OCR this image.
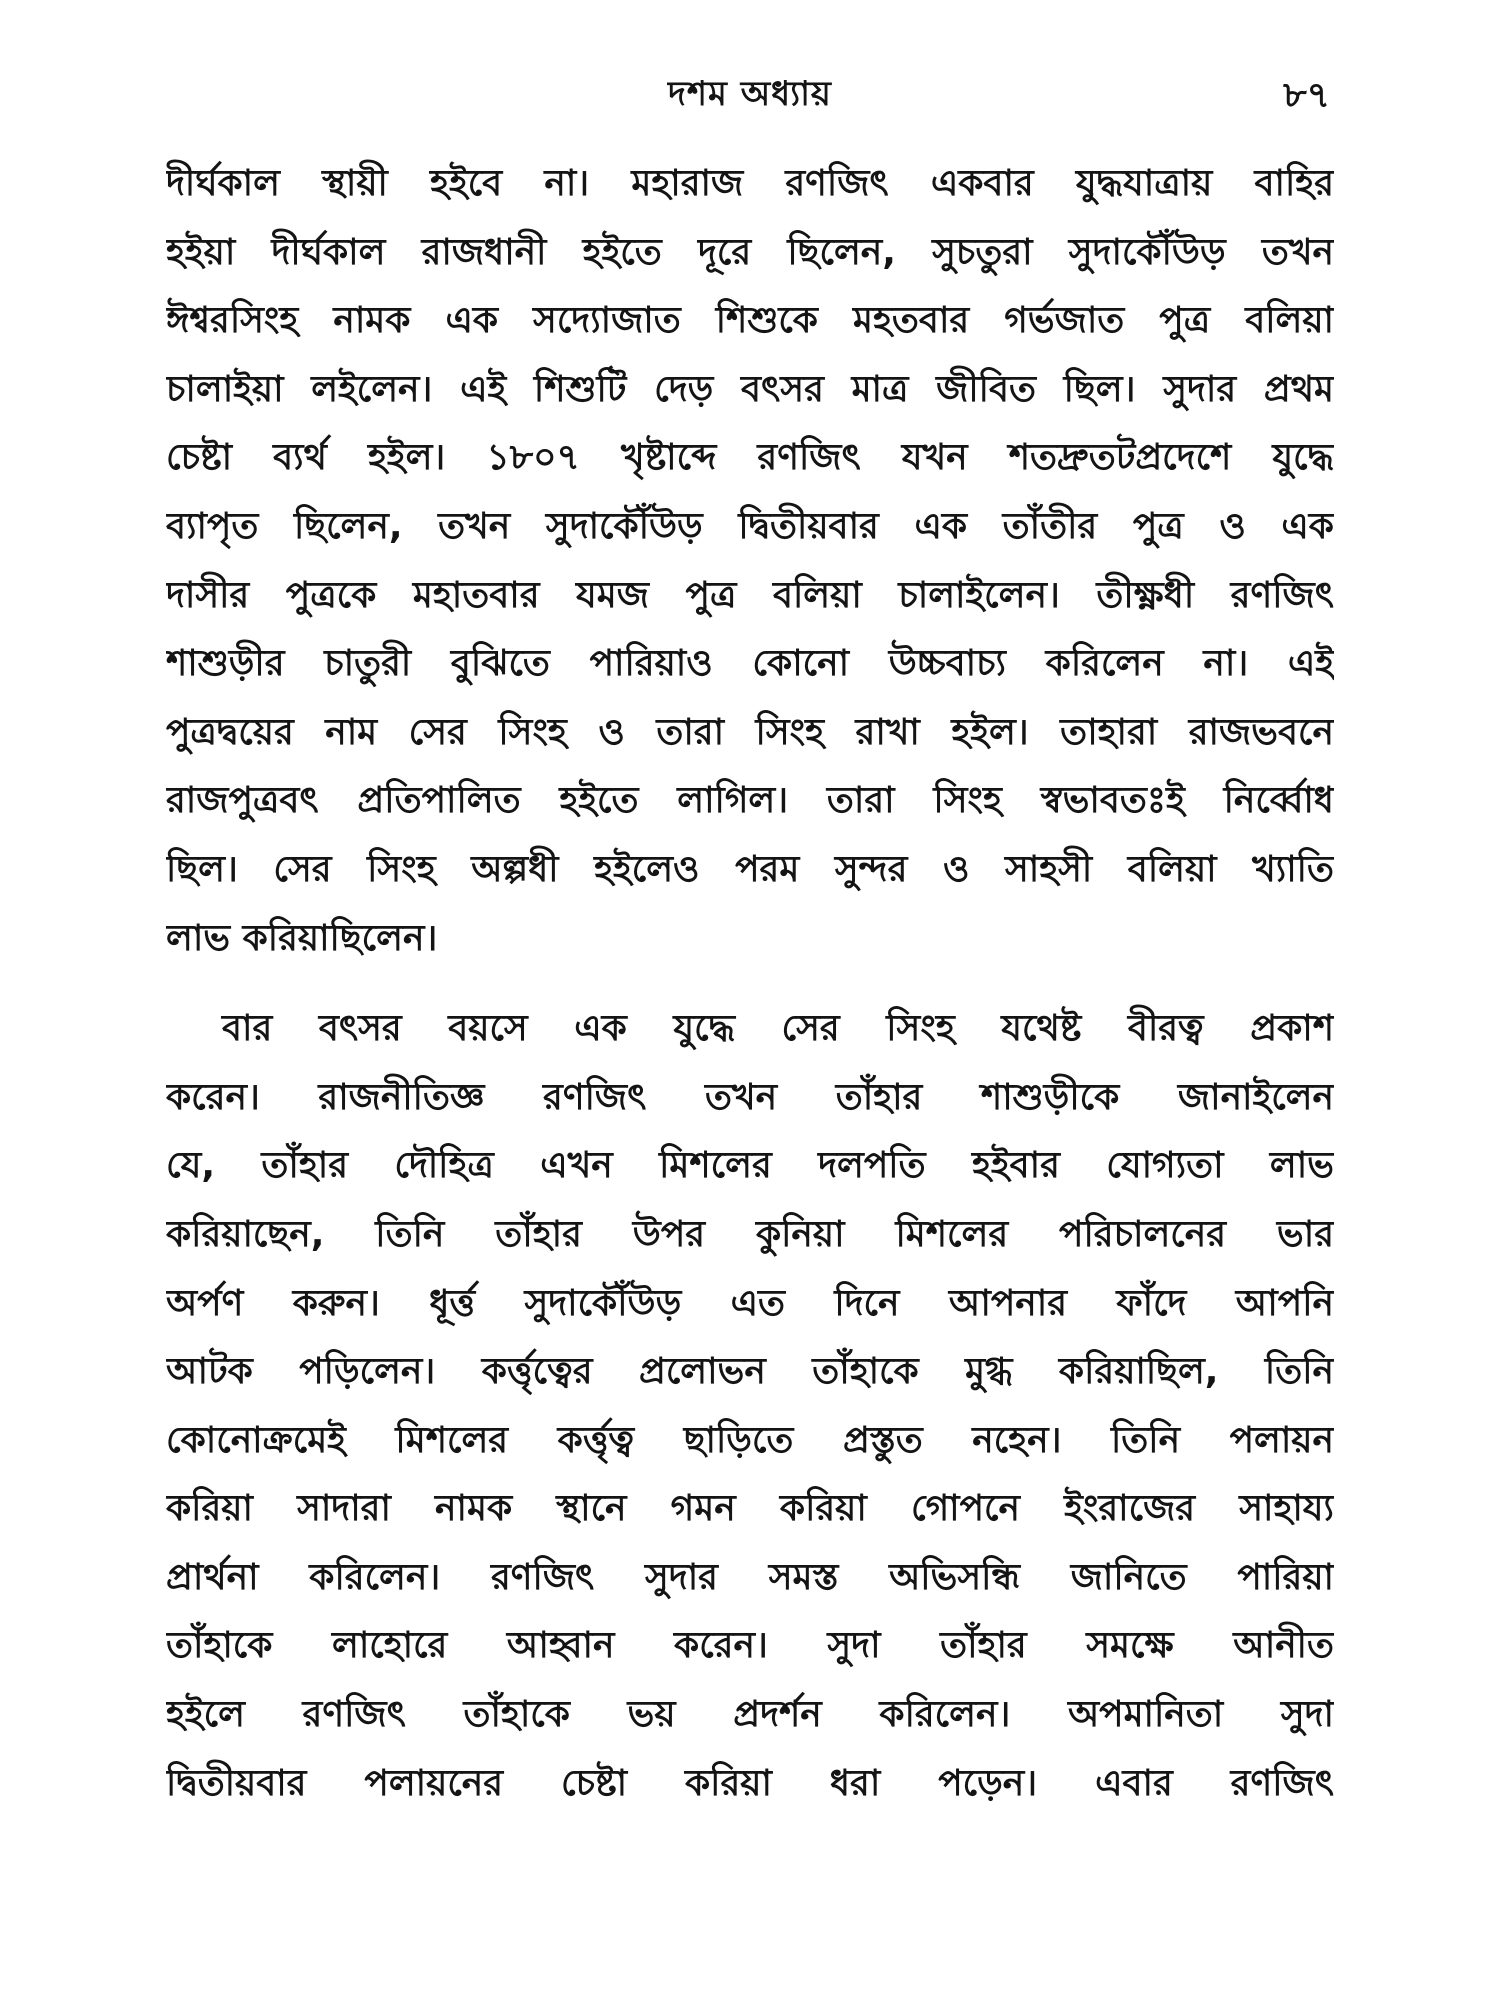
দশম অধ্যায়	৮৭
দীর্ঘকাল স্থায়ী হইবে না। মহারাজ রণজিৎ একবার যুদ্ধযাত্রায় বাহির
হইয়া দীর্ঘকাল রাজধানী হইতে দূরে ছিলেন, সুচতুরা সুদাকৌঁউড় তখন
ঈশ্বরসিংহ নামক এক সদ্যোজাত শিশুকে মহতবার গর্ভজাত পুত্র বলিয়া
চালাইয়া লইলেন। এই শিশুটি দেড় বৎসর মাত্র জীবিত ছিল। সুদার প্রথম
চেষ্টা ব্যর্থ হইল। ১৮০৭ খৃষ্টাব্দে রণজিৎ যখন শতদ্রুতটপ্রদেশে যুদ্ধে
ব্যাপৃত ছিলেন, তখন সুদাকৌঁউড় দ্বিতীয়বার এক তাঁতীর পুত্র ও এক
দাসীর পুত্রকে মহাতবার যমজ পুত্র বলিয়া চালাইলেন। তীক্ষ্ণধী রণজিৎ
শাশুড়ীর চাতুরী বুঝিতে পারিয়াও কোনো উচ্চবাচ্য করিলেন না। এই
পুত্রদ্বয়ের নাম সের সিংহ ও তারা সিংহ রাখা হইল। তাহারা রাজভবনে
রাজপুত্রবৎ প্রতিপালিত হইতে লাগিল। তারা সিংহ স্বভাবতঃই নির্ব্বোধ
ছিল। সের সিংহ অল্পধী হইলেও পরম সুন্দর ও সাহসী বলিয়া খ্যাতি
লাভ করিয়াছিলেন।
বার বৎসর বয়সে এক যুদ্ধে সের সিংহ যথেষ্ট বীরত্ব প্রকাশ
করেন। রাজনীতিজ্ঞ রণজিৎ তখন তাঁহার শাশুড়ীকে জানাইলেন
যে, তাঁহার দৌহিত্র এখন মিশলের দলপতি হইবার যোগ্যতা লাভ
করিয়াছেন, তিনি তাঁহার উপর কুনিয়া মিশলের পরিচালনের ভার
অর্পণ করুন। ধূর্ত্ত সুদাকৌঁউড় এত দিনে আপনার ফাঁদে আপনি
আটক পড়িলেন। কর্ত্তৃত্বের প্রলোভন তাঁহাকে মুগ্ধ করিয়াছিল, তিনি
কোনোক্রমেই মিশলের কর্ত্তৃত্ব ছাড়িতে প্রস্তুত নহেন। তিনি পলায়ন
করিয়া সাদারা নামক স্থানে গমন করিয়া গোপনে ইংরাজের সাহায্য
প্রার্থনা করিলেন। রণজিৎ সুদার সমস্ত অভিসন্ধি জানিতে পারিয়া
তাঁহাকে লাহোরে আহ্বান করেন। সুদা তাঁহার সমক্ষে আনীত
হইলে রণজিৎ তাঁহাকে ভয় প্রদর্শন করিলেন। অপমানিতা সুদা
দ্বিতীয়বার পলায়নের চেষ্টা করিয়া ধরা পড়েন। এবার রণজিৎ
